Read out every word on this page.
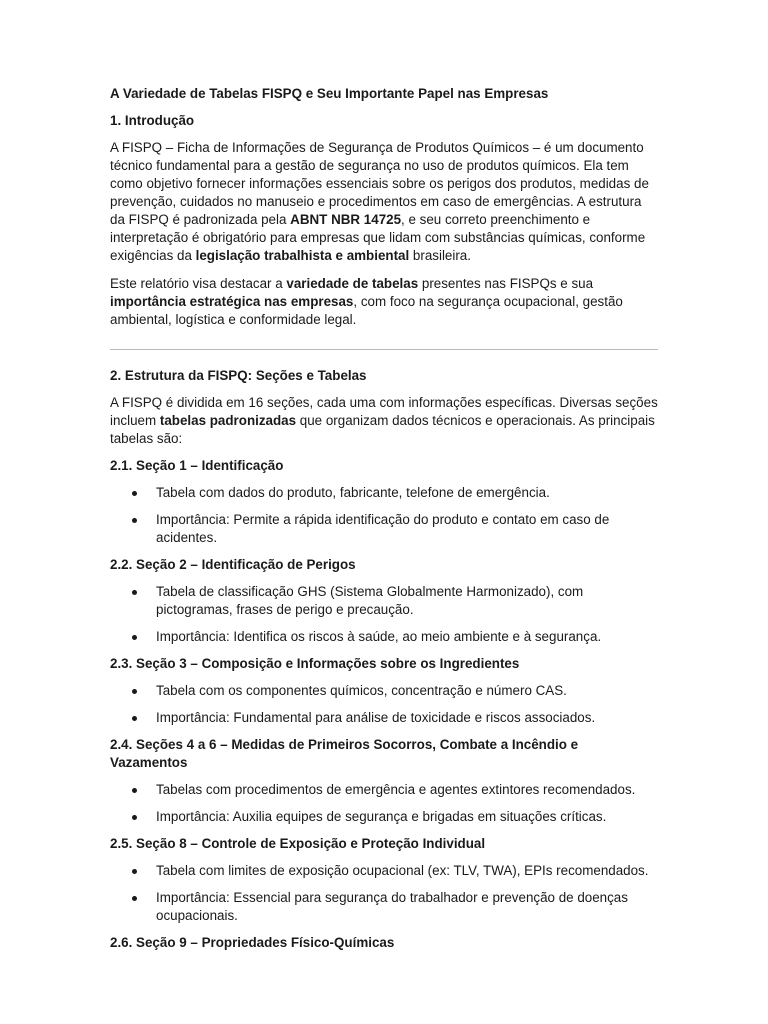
A Variedade de Tabelas FISPQ e Seu Importante Papel nas Empresas
1. Introdução

A FISPQ – Ficha de Informações de Segurança de Produtos Químicos – é um documento técnico fundamental para a gestão de segurança no uso de produtos químicos. Ela tem como objetivo fornecer informações essenciais sobre os perigos dos produtos, medidas de prevenção, cuidados no manuseio e procedimentos em caso de emergências. A estrutura da FISPQ é padronizada pela ABNT NBR 14725, e seu correto preenchimento e interpretação é obrigatório para empresas que lidam com substâncias químicas, conforme exigências da legislação trabalhista e ambiental brasileira.

Este relatório visa destacar a variedade de tabelas presentes nas FISPQs e sua importância estratégica nas empresas, com foco na segurança ocupacional, gestão ambiental, logística e conformidade legal.

2. Estrutura da FISPQ: Seções e Tabelas

A FISPQ é dividida em 16 seções, cada uma com informações específicas. Diversas seções incluem tabelas padronizadas que organizam dados técnicos e operacionais. As principais tabelas são:

2.1. Seção 1 – Identificação
Tabela com dados do produto, fabricante, telefone de emergência.
Importância: Permite a rápida identificação do produto e contato em caso de acidentes.
2.2. Seção 2 – Identificação de Perigos
Tabela de classificação GHS (Sistema Globalmente Harmonizado), com pictogramas, frases de perigo e precaução.
Importância: Identifica os riscos à saúde, ao meio ambiente e à segurança.
2.3. Seção 3 – Composição e Informações sobre os Ingredientes
Tabela com os componentes químicos, concentração e número CAS.
Importância: Fundamental para análise de toxicidade e riscos associados.
2.4. Seções 4 a 6 – Medidas de Primeiros Socorros, Combate a Incêndio e Vazamentos
Tabelas com procedimentos de emergência e agentes extintores recomendados.
Importância: Auxilia equipes de segurança e brigadas em situações críticas.
2.5. Seção 8 – Controle de Exposição e Proteção Individual
Tabela com limites de exposição ocupacional (ex: TLV, TWA), EPIs recomendados.
Importância: Essencial para segurança do trabalhador e prevenção de doenças ocupacionais.
2.6. Seção 9 – Propriedades Físico-Químicas
